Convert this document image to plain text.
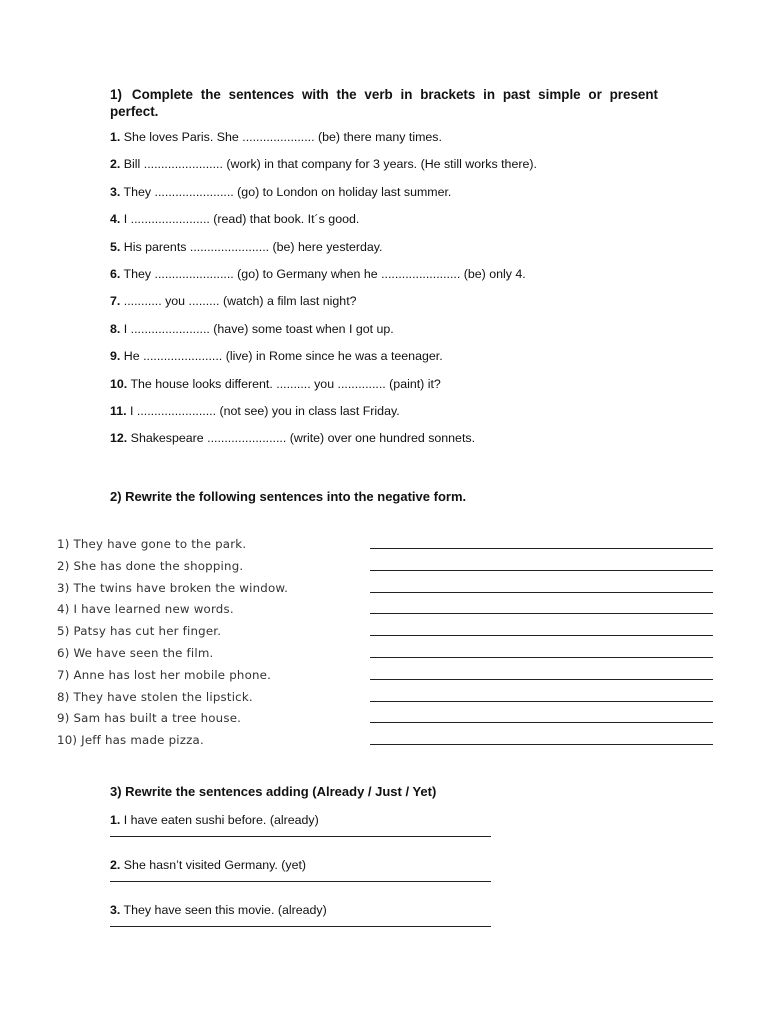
1) Complete the sentences with the verb in brackets in past simple or present perfect.

1. She loves Paris. She ..................... (be) there many times.
2. Bill ....................... (work) in that company for 3 years. (He still works there).
3. They ....................... (go) to London on holiday last summer.
4. I ....................... (read) that book. It´s good.
5. His parents ....................... (be) here yesterday.
6. They ....................... (go) to Germany when he ....................... (be) only 4.
7. ........... you ......... (watch) a film last night?
8. I ....................... (have) some toast when I got up.
9. He ....................... (live) in Rome since he was a teenager.
10. The house looks different. .......... you .............. (paint) it?
11. I ....................... (not see) you in class last Friday.
12. Shakespeare ....................... (write) over one hundred sonnets.
2) Rewrite the following sentences into the negative form.
1) They have gone to the park.
2) She has done the shopping.
3) The twins have broken the window.
4) I have learned new words.
5) Patsy has cut her finger.
6) We have seen the film.
7) Anne has lost her mobile phone.
8) They have stolen the lipstick.
9) Sam has built a tree house.
10) Jeff has made pizza.
3) Rewrite the sentences adding (Already / Just / Yet)
1. I have eaten sushi before. (already)
2. She hasn’t visited Germany. (yet)
3. They have seen this movie. (already)
